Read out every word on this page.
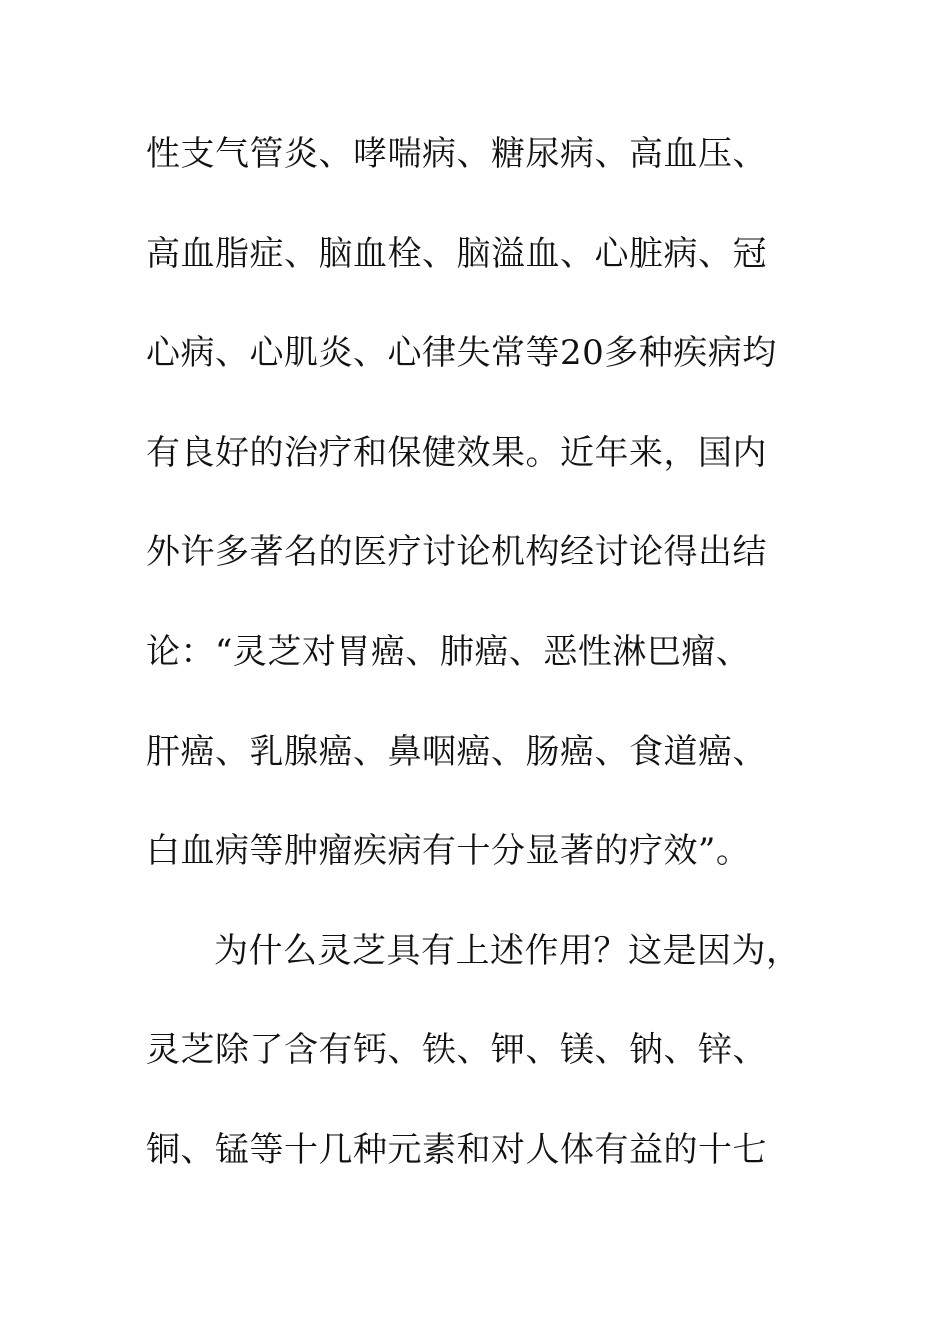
性支气管炎、哮喘病、糖尿病、高血压、
高血脂症、脑血栓、脑溢血、心脏病、冠
心病、心肌炎、心律失常等20多种疾病均
有良好的治疗和保健效果。近年来，国内
外许多著名的医疗讨论机构经讨论得出结
论：“灵芝对胃癌、肺癌、恶性淋巴瘤、
肝癌、乳腺癌、鼻咽癌、肠癌、食道癌、
白血病等肿瘤疾病有十分显著的疗效”。
为什么灵芝具有上述作用？这是因为，
灵芝除了含有钙、铁、钾、镁、钠、锌、
铜、锰等十几种元素和对人体有益的十七
